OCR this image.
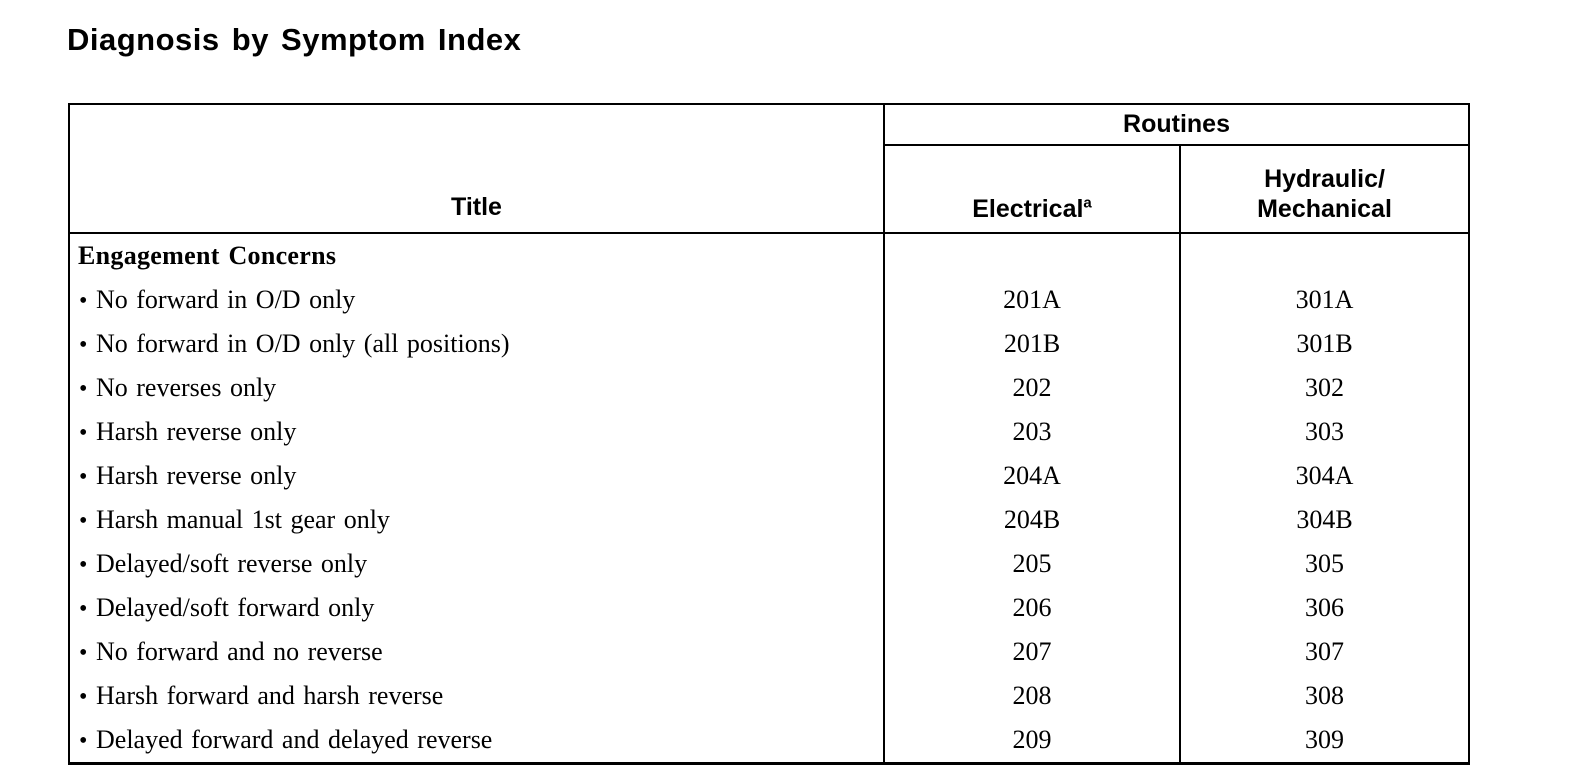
Diagnosis by Symptom Index
Title	Routines	
	Electrical$^a$	Hydraulic/
Mechanical

Engagement Concerns		
• No forward in O/D only	201A	301A
• No forward in O/D only (all positions)	201B	301B
• No reverses only	202	302
• Harsh reverse only	203	303
• Harsh reverse only	204A	304A
• Harsh manual 1st gear only	204B	304B
• Delayed/soft reverse only	205	305
• Delayed/soft forward only	206	306
• No forward and no reverse	207	307
• Harsh forward and harsh reverse	208	308
• Delayed forward and delayed reverse	209	309
